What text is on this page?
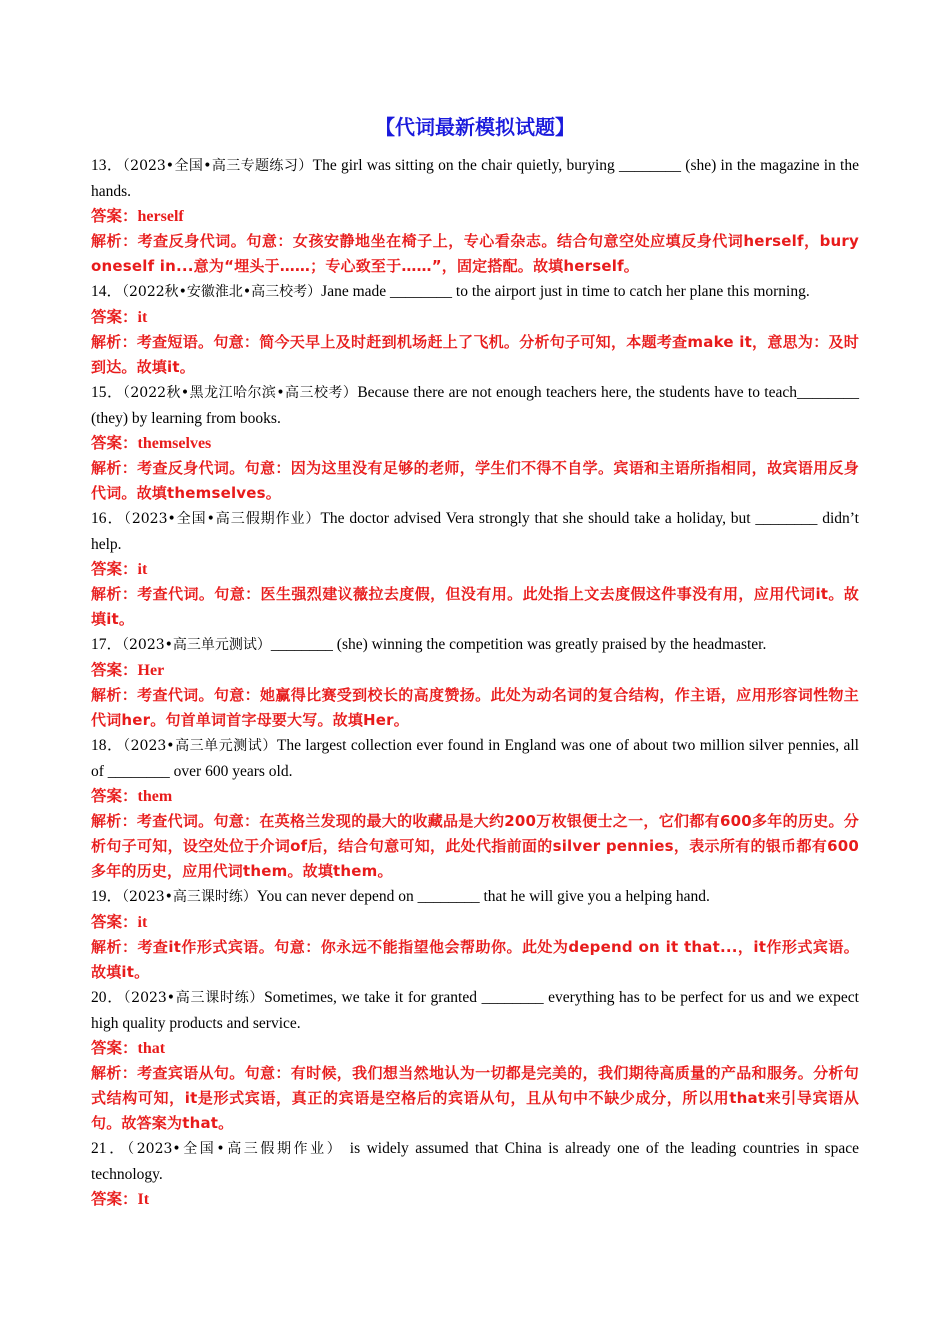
【代词最新模拟试题】

13．（2023•全国•高三专题练习）The girl was sitting on the chair quietly, burying ________ (she) in the magazine in the hands.

答案：herself

解析：考查反身代词。句意：女孩安静地坐在椅子上，专心看杂志。结合句意空处应填反身代词herself，bury oneself in...意为“埋头于……；专心致至于……”，固定搭配。故填herself。

14．（2022秋•安徽淮北•高三校考）Jane made ________ to the airport just in time to catch her plane this morning.

答案：it

解析：考查短语。句意：简今天早上及时赶到机场赶上了飞机。分析句子可知，本题考查make it，意思为：及时到达。故填it。

15．（2022秋•黑龙江哈尔滨•高三校考）Because there are not enough teachers here, the students have to teach________ (they) by learning from books.

答案：themselves

解析：考查反身代词。句意：因为这里没有足够的老师，学生们不得不自学。宾语和主语所指相同，故宾语用反身代词。故填themselves。

16．（2023•全国•高三假期作业）The doctor advised Vera strongly that she should take a holiday, but ________ didn’t help.

答案：it

解析：考查代词。句意：医生强烈建议薇拉去度假，但没有用。此处指上文去度假这件事没有用，应用代词it。故填it。

17．（2023•高三单元测试）________ (she) winning the competition was greatly praised by the headmaster.

答案：Her

解析：考查代词。句意：她赢得比赛受到校长的高度赞扬。此处为动名词的复合结构，作主语，应用形容词性物主代词her。句首单词首字母要大写。故填Her。

18．（2023•高三单元测试）The largest collection ever found in England was one of about two million silver pennies, all of ________ over 600 years old.

答案：them

解析：考查代词。句意：在英格兰发现的最大的收藏品是大约200万枚银便士之一，它们都有600多年的历史。分析句子可知，设空处位于介词of后，结合句意可知，此处代指前面的silver pennies，表示所有的银币都有600多年的历史，应用代词them。故填them。

19．（2023•高三课时练）You can never depend on ________ that he will give you a helping hand.

答案：it

解析：考查it作形式宾语。句意：你永远不能指望他会帮助你。此处为depend on it that...，it作形式宾语。故填it。

20．（2023•高三课时练）Sometimes, we take it for granted ________ everything has to be perfect for us and we expect high quality products and service.

答案：that

解析：考查宾语从句。句意：有时候，我们想当然地认为一切都是完美的，我们期待高质量的产品和服务。分析句式结构可知，it是形式宾语，真正的宾语是空格后的宾语从句，且从句中不缺少成分，所以用that来引导宾语从句。故答案为that。

21．（2023•全国•高三假期作业） is widely assumed that China is already one of the leading countries in space technology.

答案：It
